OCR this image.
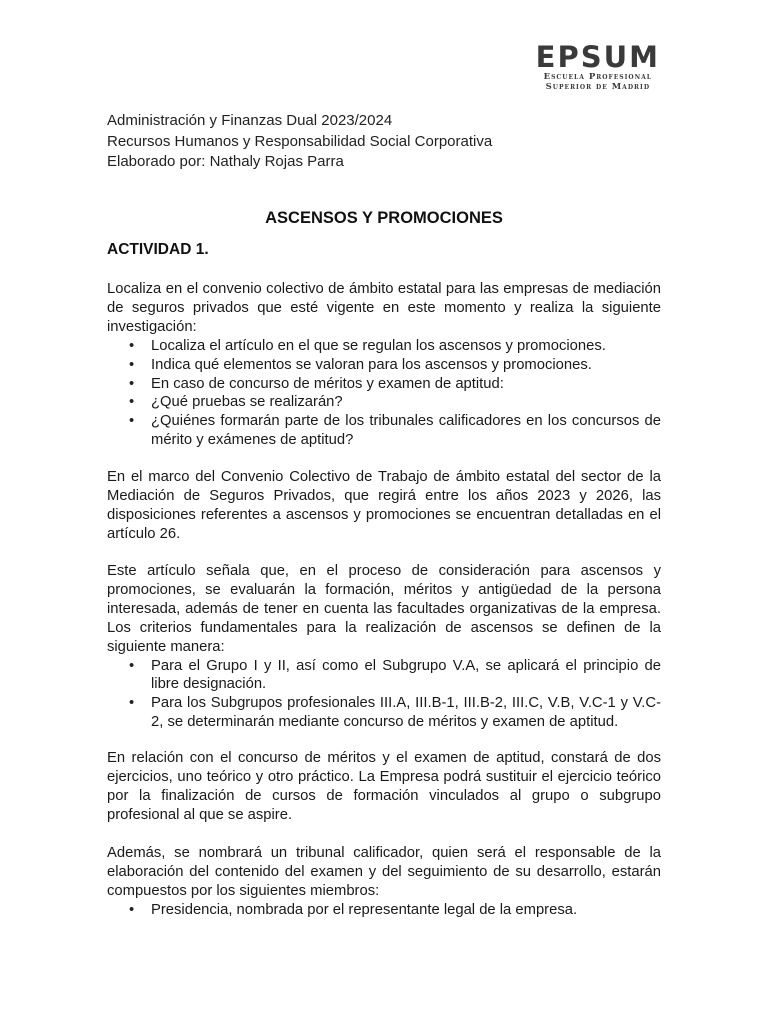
EPSUM
Escuela Profesional
Superior de Madrid
Administración y Finanzas Dual 2023/2024
Recursos Humanos y Responsabilidad Social Corporativa
Elaborado por: Nathaly Rojas Parra
ASCENSOS Y PROMOCIONES
ACTIVIDAD 1.

Localiza en el convenio colectivo de ámbito estatal para las empresas de mediación de seguros privados que esté vigente en este momento y realiza la siguiente investigación:

• Localiza el artículo en el que se regulan los ascensos y promociones.
• Indica qué elementos se valoran para los ascensos y promociones.
• En caso de concurso de méritos y examen de aptitud:
• ¿Qué pruebas se realizarán?
• ¿Quiénes formarán parte de los tribunales calificadores en los concursos de mérito y exámenes de aptitud?

En el marco del Convenio Colectivo de Trabajo de ámbito estatal del sector de la Mediación de Seguros Privados, que regirá entre los años 2023 y 2026, las disposiciones referentes a ascensos y promociones se encuentran detalladas en el artículo 26.

Este artículo señala que, en el proceso de consideración para ascensos y promociones, se evaluarán la formación, méritos y antigüedad de la persona interesada, además de tener en cuenta las facultades organizativas de la empresa. Los criterios fundamentales para la realización de ascensos se definen de la siguiente manera:

• Para el Grupo I y II, así como el Subgrupo V.A, se aplicará el principio de libre designación.
• Para los Subgrupos profesionales III.A, III.B-1, III.B-2, III.C, V.B, V.C-1 y V.C-2, se determinarán mediante concurso de méritos y examen de aptitud.

En relación con el concurso de méritos y el examen de aptitud, constará de dos ejercicios, uno teórico y otro práctico. La Empresa podrá sustituir el ejercicio teórico por la finalización de cursos de formación vinculados al grupo o subgrupo profesional al que se aspire.

Además, se nombrará un tribunal calificador, quien será el responsable de la elaboración del contenido del examen y del seguimiento de su desarrollo, estarán compuestos por los siguientes miembros:

• Presidencia, nombrada por el representante legal de la empresa.
